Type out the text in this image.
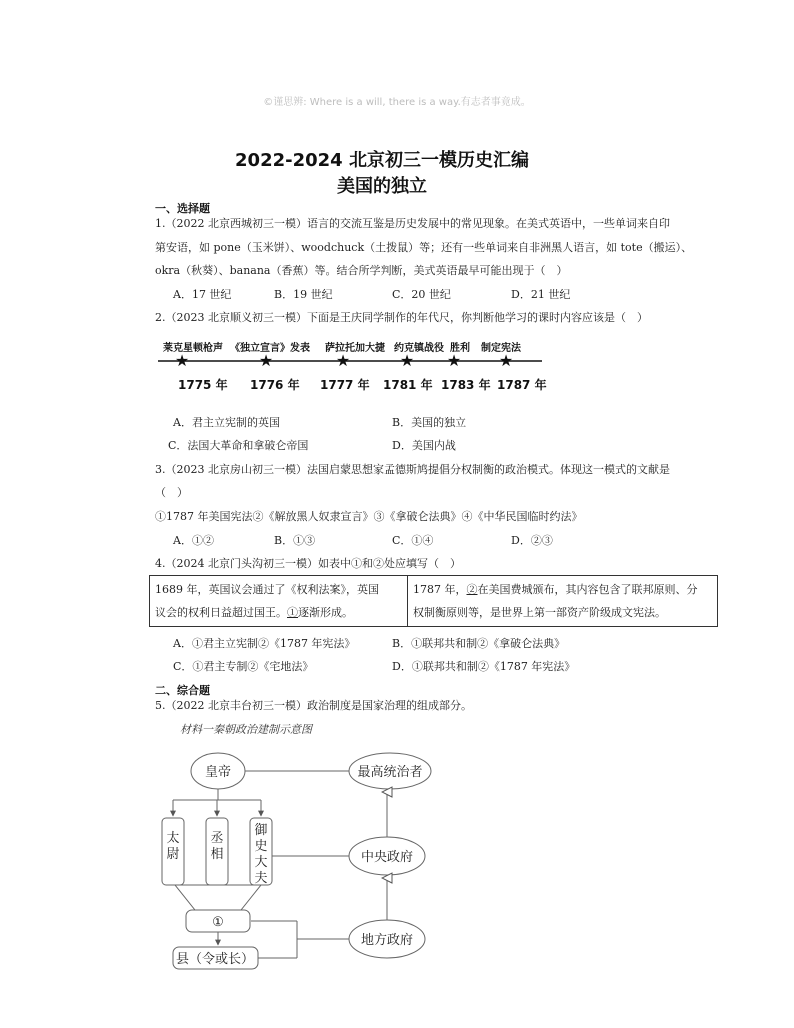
©谨思辨: Where is a will, there is a way.有志者事竟成。
2022-2024 北京初三一模历史汇编
美国的独立
一、选择题
1.（2022 北京西城初三一模）语言的交流互鉴是历史发展中的常见现象。在美式英语中，一些单词来自印
第安语，如 pone（玉米饼）、woodchuck（土拨鼠）等；还有一些单词来自非洲黑人语言，如 tote（搬运）、
okra（秋葵）、banana（香蕉）等。结合所学判断，美式英语最早可能出现于（　）
A．17 世纪	B．19 世纪	C．20 世纪	D．21 世纪
2.（2023 北京顺义初三一模）下面是王庆同学制作的年代尺，你判断他学习的课时内容应该是（　）
莱克星顿枪声 《独立宣言》发表 萨拉托加大捷 约克镇战役 胜利 制定宪法
★	★	★	★ ★ ★
1775 年 1776 年 1777 年 1781 年 1783 年 1787 年
A．君主立宪制的英国	B．美国的独立
C．法国大革命和拿破仑帝国	D．美国内战
3.（2023 北京房山初三一模）法国启蒙思想家孟德斯鸠提倡分权制衡的政治模式。体现这一模式的文献是
（　）
①1787 年美国宪法②《解放黑人奴隶宣言》③《拿破仑法典》④《中华民国临时约法》
A．①②	B．①③	C．①④	D．②③
4.（2024 北京门头沟初三一模）如表中①和②处应填写（　）
1689 年，英国议会通过了《权利法案》，英国
议会的权利日益超过国王。①逐渐形成。

1787 年，②在美国费城颁布，其内容包含了联邦原则、分
权制衡原则等，是世界上第一部资产阶级成文宪法。
A．①君主立宪制②《1787 年宪法》	B．①联邦共和制②《拿破仑法典》
C．①君主专制②《宅地法》	D．①联邦共和制②《1787 年宪法》
二、综合题
5.（2022 北京丰台初三一模）政治制度是国家治理的组成部分。
材料一秦朝政治建制示意图
皇帝	最高统治者
中央政府
地方政府
①
县（令或长）
太尉
丞相
御史大夫
